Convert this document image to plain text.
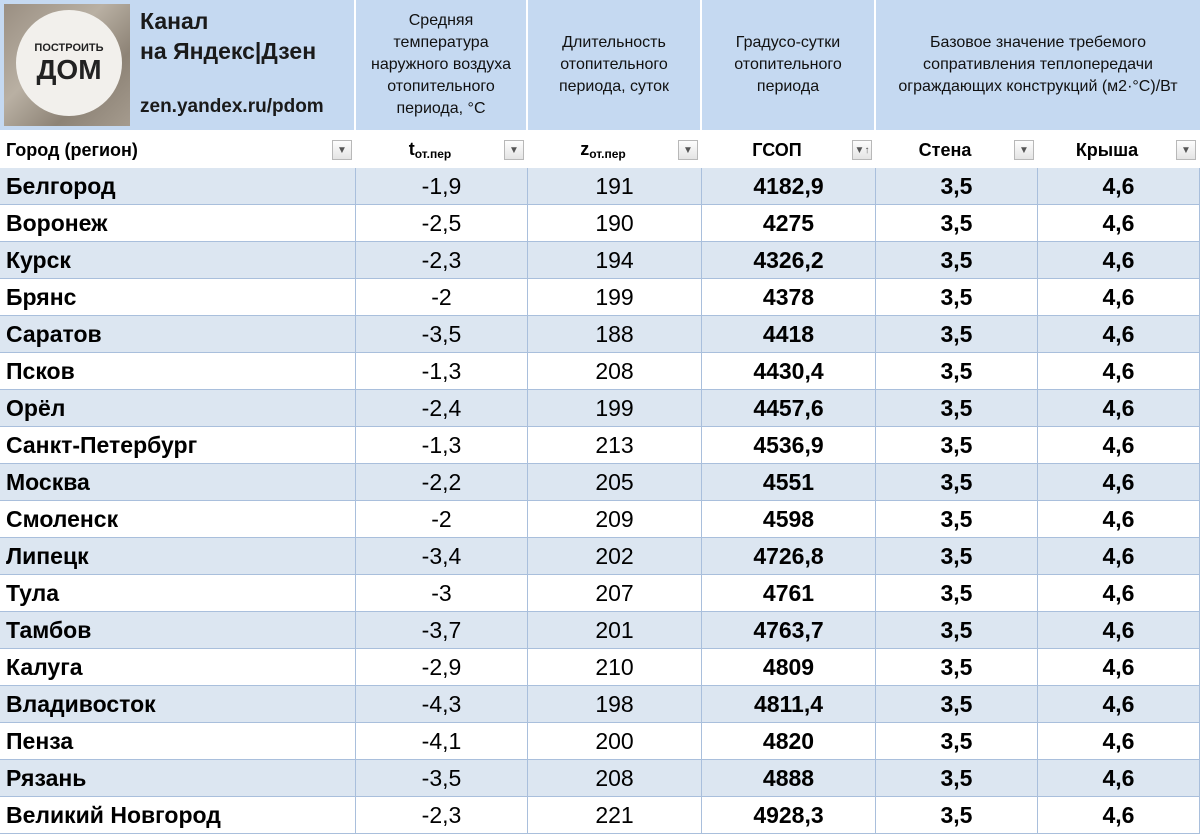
ПОСТРОИТЬ
ДОМ
Канал
на Яндекс|Дзен
zen.yandex.ru/pdom
Средняя температура наружного воздуха отопительного периода, °С
Длительность отопительного периода, суток
Градусо-сутки отопительного периода
Базовое значение требемого сопративления теплопередачи ограждающих конструкций (м2·°С)/Вт
Город (регион)	▼	$t_{от.пер}$	▼	$z_{от.пер}$	▼	ГСОП	▼↑	Стена	▼	Крыша	▼
Белгород	-1,9	191	4182,9	3,5	4,6
Воронеж	-2,5	190	4275	3,5	4,6
Курск	-2,3	194	4326,2	3,5	4,6
Брянс	-2	199	4378	3,5	4,6
Саратов	-3,5	188	4418	3,5	4,6
Псков	-1,3	208	4430,4	3,5	4,6
Орёл	-2,4	199	4457,6	3,5	4,6
Санкт-Петербург	-1,3	213	4536,9	3,5	4,6
Москва	-2,2	205	4551	3,5	4,6
Смоленск	-2	209	4598	3,5	4,6
Липецк	-3,4	202	4726,8	3,5	4,6
Тула	-3	207	4761	3,5	4,6
Тамбов	-3,7	201	4763,7	3,5	4,6
Калуга	-2,9	210	4809	3,5	4,6
Владивосток	-4,3	198	4811,4	3,5	4,6
Пенза	-4,1	200	4820	3,5	4,6
Рязань	-3,5	208	4888	3,5	4,6
Великий Новгород	-2,3	221	4928,3	3,5	4,6
